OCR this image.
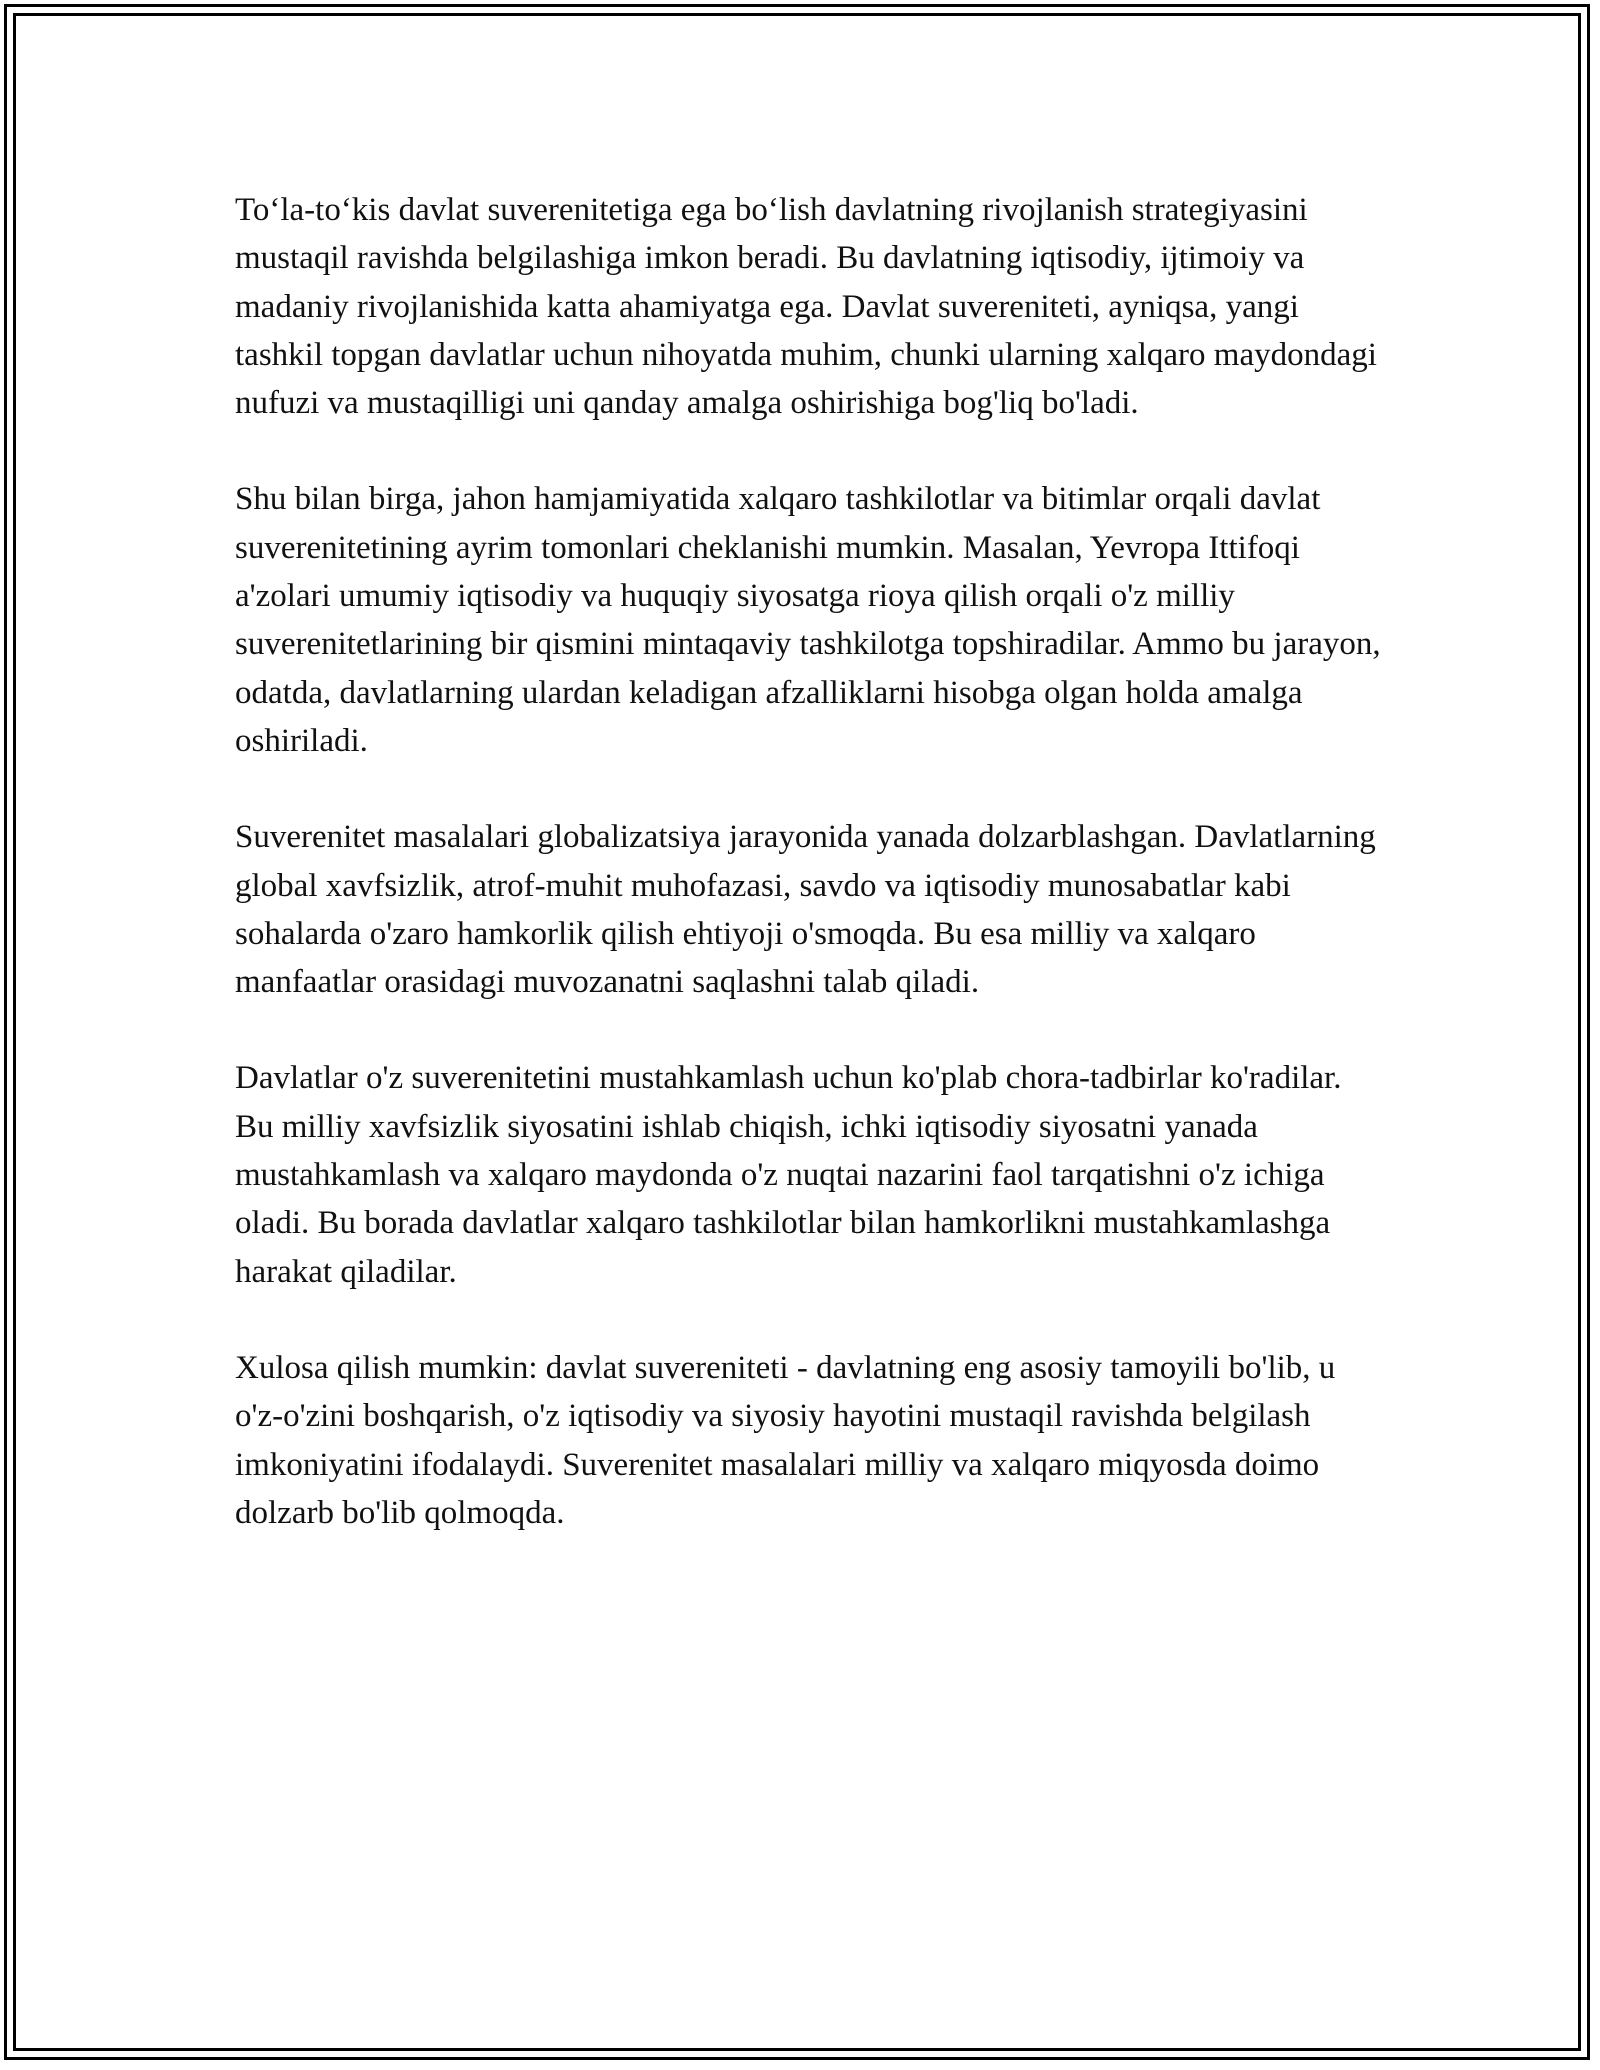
To‘la-to‘kis davlat suverenitetiga ega bo‘lish davlatning rivojlanish strategiyasini mustaqil ravishda belgilashiga imkon beradi. Bu davlatning iqtisodiy, ijtimoiy va madaniy rivojlanishida katta ahamiyatga ega. Davlat suvereniteti, ayniqsa, yangi tashkil topgan davlatlar uchun nihoyatda muhim, chunki ularning xalqaro maydondagi nufuzi va mustaqilligi uni qanday amalga oshirishiga bog'liq bo'ladi.

Shu bilan birga, jahon hamjamiyatida xalqaro tashkilotlar va bitimlar orqali davlat suverenitetining ayrim tomonlari cheklanishi mumkin. Masalan, Yevropa Ittifoqi a'zolari umumiy iqtisodiy va huquqiy siyosatga rioya qilish orqali o'z milliy suverenitetlarining bir qismini mintaqaviy tashkilotga topshiradilar. Ammo bu jarayon, odatda, davlatlarning ulardan keladigan afzalliklarni hisobga olgan holda amalga oshiriladi.

Suverenitet masalalari globalizatsiya jarayonida yanada dolzarblashgan. Davlatlarning global xavfsizlik, atrof-muhit muhofazasi, savdo va iqtisodiy munosabatlar kabi sohalarda o'zaro hamkorlik qilish ehtiyoji o'smoqda. Bu esa milliy va xalqaro manfaatlar orasidagi muvozanatni saqlashni talab qiladi.

Davlatlar o'z suverenitetini mustahkamlash uchun ko'plab chora-tadbirlar ko'radilar. Bu milliy xavfsizlik siyosatini ishlab chiqish, ichki iqtisodiy siyosatni yanada mustahkamlash va xalqaro maydonda o'z nuqtai nazarini faol tarqatishni o'z ichiga oladi. Bu borada davlatlar xalqaro tashkilotlar bilan hamkorlikni mustahkamlashga harakat qiladilar.

Xulosa qilish mumkin: davlat suvereniteti - davlatning eng asosiy tamoyili bo'lib, u o'z-o'zini boshqarish, o'z iqtisodiy va siyosiy hayotini mustaqil ravishda belgilash imkoniyatini ifodalaydi. Suverenitet masalalari milliy va xalqaro miqyosda doimo dolzarb bo'lib qolmoqda.
